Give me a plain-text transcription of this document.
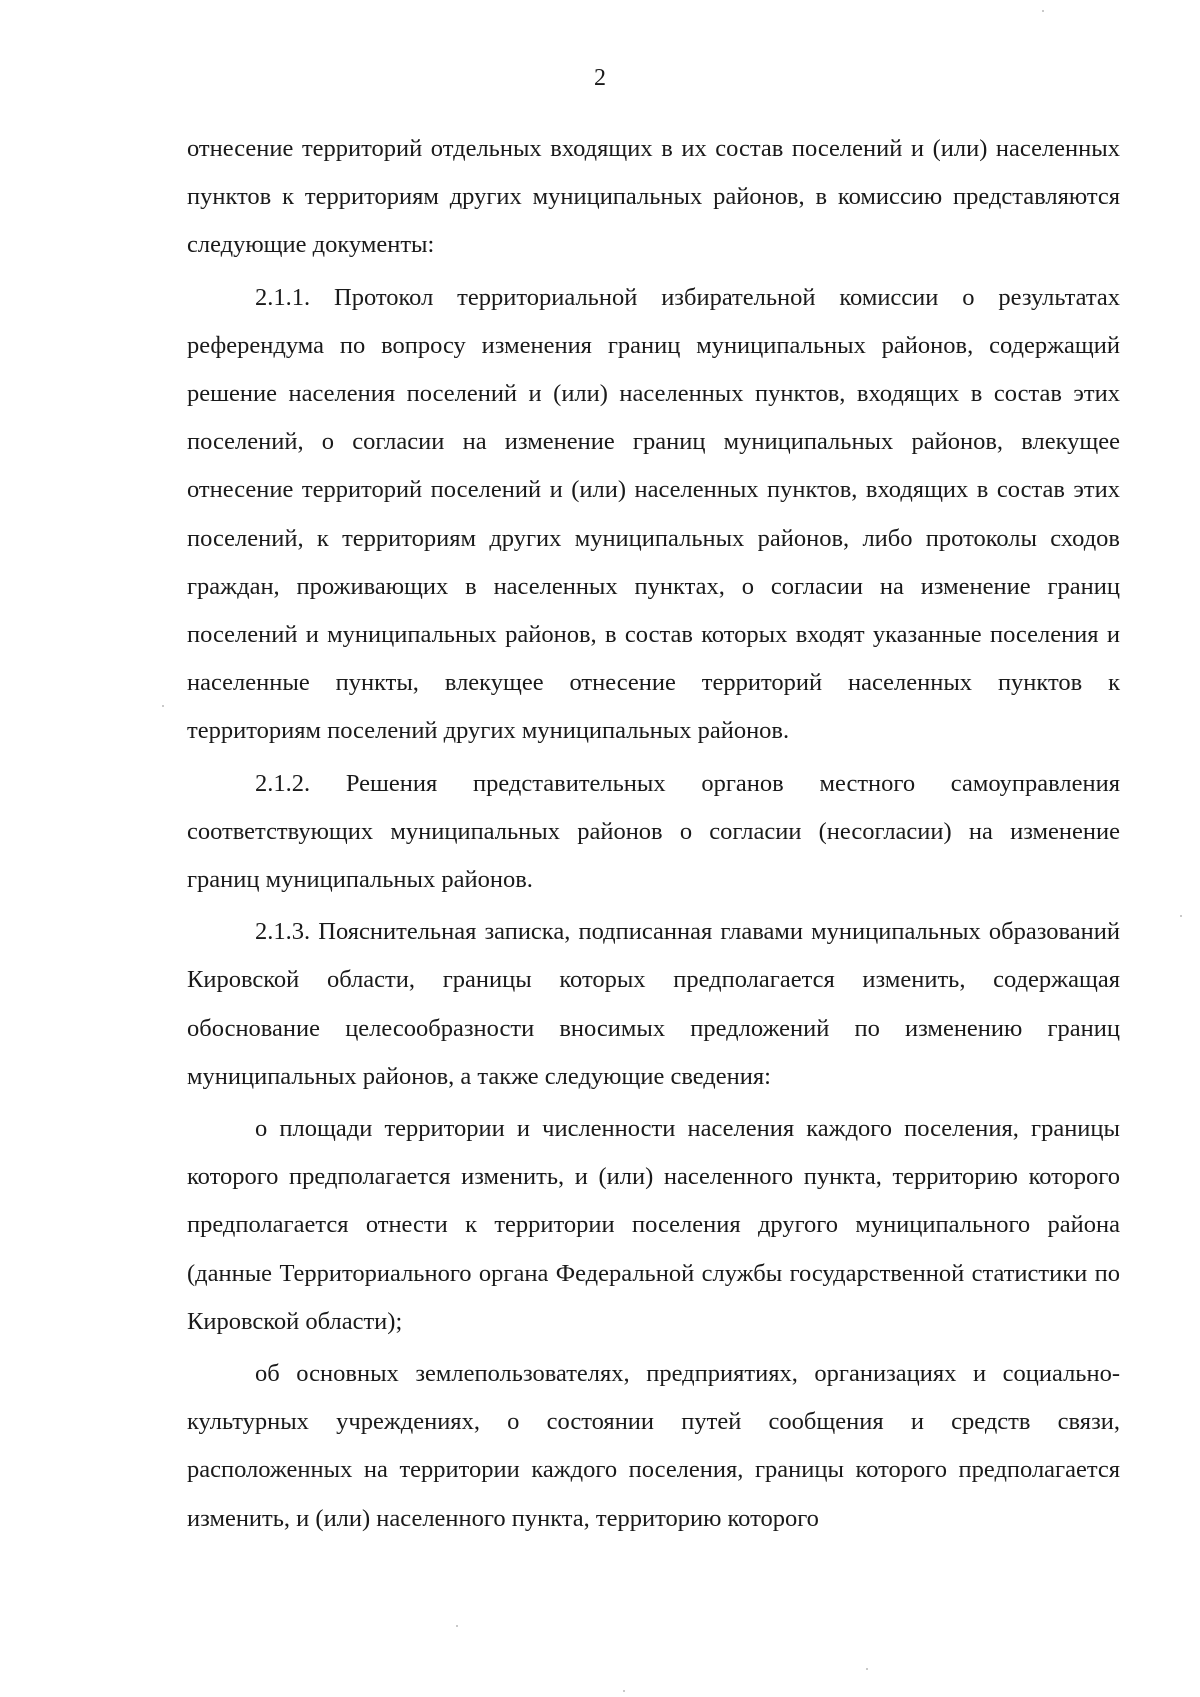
2

отнесение территорий отдельных входящих в их состав поселений и (или) населенных пунктов к территориям других муниципальных районов, в комиссию представляются следующие документы:

2.1.1. Протокол территориальной избирательной комиссии о результатах референдума по вопросу изменения границ муниципальных районов, содержащий решение населения поселений и (или) населенных пунктов, входящих в состав этих поселений, о согласии на изменение границ муниципальных районов, влекущее отнесение территорий поселений и (или) населенных пунктов, входящих в состав этих поселений, к территориям других муниципальных районов, либо протоколы сходов граждан, проживающих в населенных пунктах, о согласии на изменение границ поселений и муниципальных районов, в состав которых входят указанные поселения и населенные пункты, влекущее отнесение территорий населенных пунктов к территориям поселений других муниципальных районов.

2.1.2. Решения представительных органов местного самоуправления соответствующих муниципальных районов о согласии (несогласии) на изменение границ муниципальных районов.

2.1.3. Пояснительная записка, подписанная главами муниципальных образований Кировской области, границы которых предполагается изменить, содержащая обоснование целесообразности вносимых предложений по изменению границ муниципальных районов, а также следующие сведения:

о площади территории и численности населения каждого поселения, границы которого предполагается изменить, и (или) населенного пункта, территорию которого предполагается отнести к территории поселения другого муниципального района (данные Территориального органа Федеральной службы государственной статистики по Кировской области);

об основных землепользователях, предприятиях, организациях и социально-культурных учреждениях, о состоянии путей сообщения и средств связи, расположенных на территории каждого поселения, границы которого предполагается изменить, и (или) населенного пункта, территорию которого
